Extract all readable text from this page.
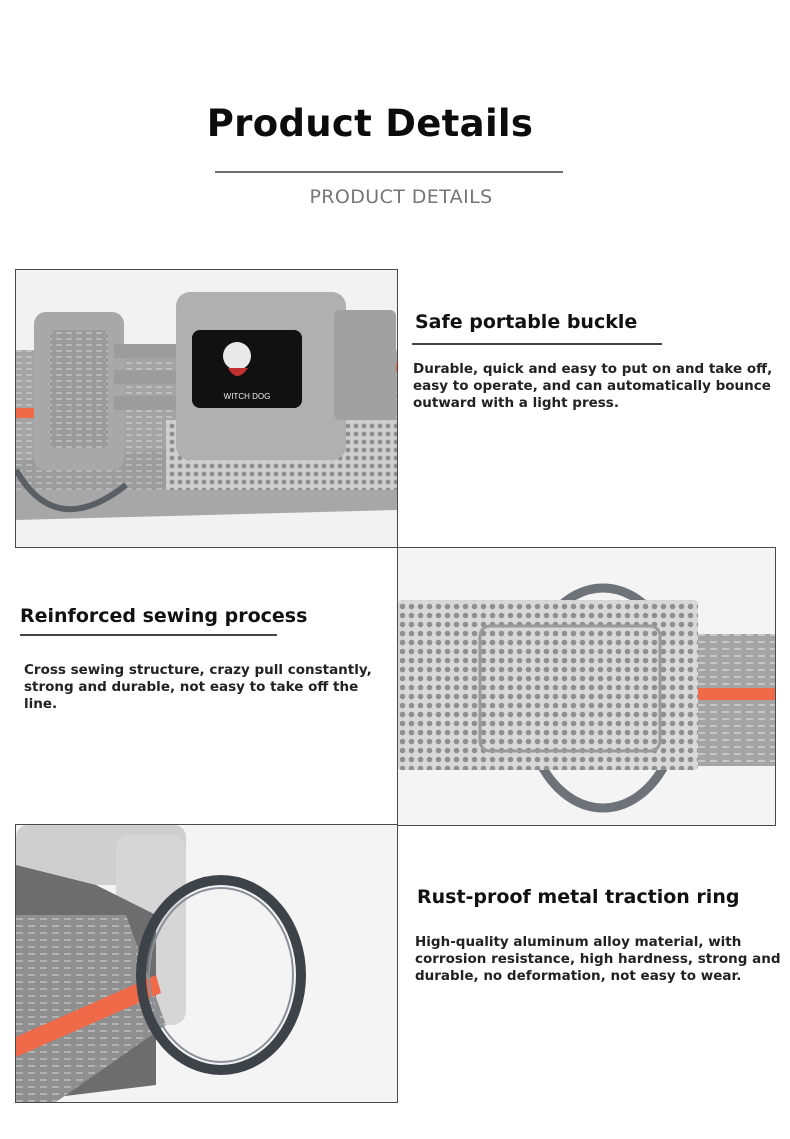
Product Details
PRODUCT DETAILS
WITCH DOG
Safe portable buckle
Durable, quick and easy to put on and take off,
easy to operate, and can automatically bounce
outward with a light press.
Reinforced sewing process
Cross sewing structure, crazy pull constantly,
strong and durable, not easy to take off the line.
Rust-proof metal traction ring
High-quality aluminum alloy material, with
corrosion resistance, high hardness, strong and
durable, no deformation, not easy to wear.
